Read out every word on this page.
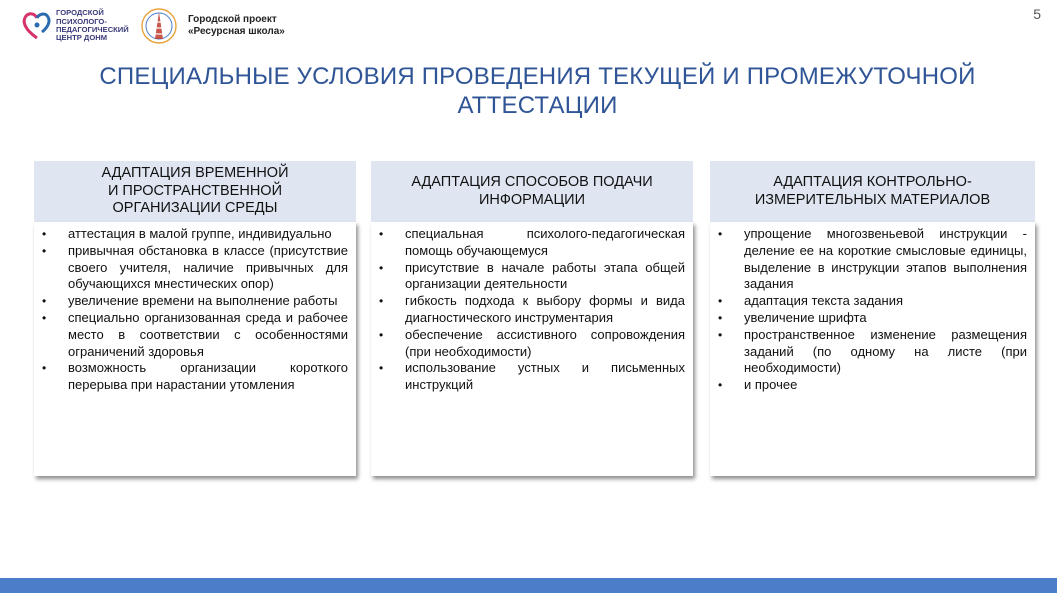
ГОРОДСКОЙ
ПСИХОЛОГО-
ПЕДАГОГИЧЕСКИЙ
ЦЕНТР ДОНМ
Городской проект
«Ресурсная школа»
5
СПЕЦИАЛЬНЫЕ УСЛОВИЯ ПРОВЕДЕНИЯ ТЕКУЩЕЙ И ПРОМЕЖУТОЧНОЙ
АТТЕСТАЦИИ
АДАПТАЦИЯ ВРЕМЕННОЙ
И ПРОСТРАНСТВЕННОЙ
ОРГАНИЗАЦИИ СРЕДЫ
• аттестация в малой группе, индивидуально
• привычная обстановка в классе (присутствие своего учителя, наличие привычных для обучающихся мнестических опор)
• увеличение времени на выполнение работы
• специально организованная среда и рабочее место в соответствии с особенностями ограничений здоровья
• возможность организации короткого перерыва при нарастании утомления
АДАПТАЦИЯ СПОСОБОВ ПОДАЧИ
ИНФОРМАЦИИ
• специальная психолого-педагогическая помощь обучающемуся
• присутствие в начале работы этапа общей организации деятельности
• гибкость подхода к выбору формы и вида диагностического инструментария
• обеспечение ассистивного сопровождения (при необходимости)
• использование устных и письменных инструкций
АДАПТАЦИЯ КОНТРОЛЬНО-
ИЗМЕРИТЕЛЬНЫХ МАТЕРИАЛОВ
• упрощение многозвеньевой инструкции - деление ее на короткие смысловые единицы, выделение в инструкции этапов выполнения задания
• адаптация текста задания
• увеличение шрифта
• пространственное изменение размещения заданий (по одному на листе (при необходимости)
• и прочее
